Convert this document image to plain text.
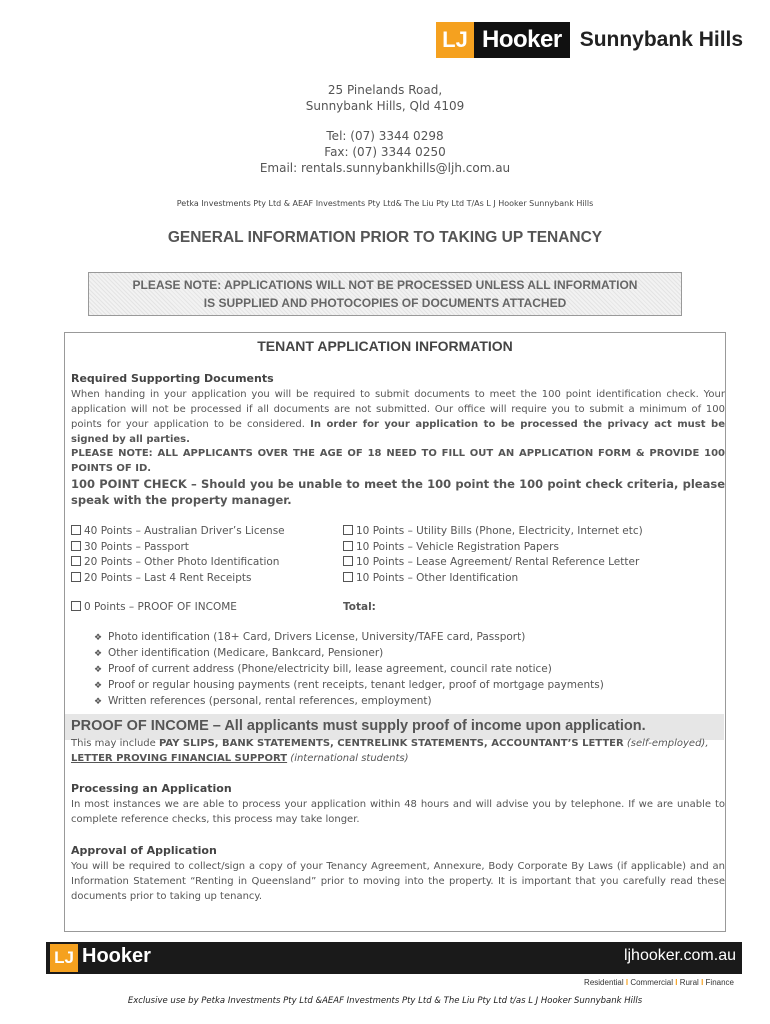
LJ Hooker Sunnybank Hills
25 Pinelands Road,
Sunnybank Hills, Qld 4109
Tel: (07) 3344 0298
Fax: (07) 3344 0250
Email: rentals.sunnybankhills@ljh.com.au
Petka Investments Pty Ltd & AEAF Investments Pty Ltd& The Liu Pty Ltd T/As L J Hooker Sunnybank Hills
GENERAL INFORMATION PRIOR TO TAKING UP TENANCY
PLEASE NOTE: APPLICATIONS WILL NOT BE PROCESSED UNLESS ALL INFORMATION
IS SUPPLIED AND PHOTOCOPIES OF DOCUMENTS ATTACHED
TENANT APPLICATION INFORMATION
Required Supporting Documents
When handing in your application you will be required to submit documents to meet the 100 point identification check. Your application will not be processed if all documents are not submitted. Our office will require you to submit a minimum of 100 points for your application to be considered. In order for your application to be processed the privacy act must be signed by all parties.
PLEASE NOTE: ALL APPLICANTS OVER THE AGE OF 18 NEED TO FILL OUT AN APPLICATION FORM & PROVIDE 100 POINTS OF ID.
100 POINT CHECK – Should you be unable to meet the 100 point the 100 point check criteria, please speak with the property manager.
40 Points – Australian Driver’s License
30 Points – Passport
20 Points – Other Photo Identification
20 Points – Last 4 Rent Receipts
10 Points – Utility Bills (Phone, Electricity, Internet etc)
10 Points – Vehicle Registration Papers
10 Points – Lease Agreement/ Rental Reference Letter
10 Points – Other Identification
0 Points – PROOF OF INCOME	Total:
❖ Photo identification (18+ Card, Drivers License, University/TAFE card, Passport)
❖ Other identification (Medicare, Bankcard, Pensioner)
❖ Proof of current address (Phone/electricity bill, lease agreement, council rate notice)
❖ Proof or regular housing payments (rent receipts, tenant ledger, proof of mortgage payments)
❖ Written references (personal, rental references, employment)
PROOF OF INCOME – All applicants must supply proof of income upon application.
This may include PAY SLIPS, BANK STATEMENTS, CENTRELINK STATEMENTS, ACCOUNTANT’S LETTER (self-employed),
LETTER PROVING FINANCIAL SUPPORT (international students)
Processing an Application
In most instances we are able to process your application within 48 hours and will advise you by telephone. If we are unable to complete reference checks, this process may take longer.
Approval of Application
You will be required to collect/sign a copy of your Tenancy Agreement, Annexure, Body Corporate By Laws (if applicable) and an Information Statement “Renting in Queensland” prior to moving into the property. It is important that you carefully read these documents prior to taking up tenancy.
LJ Hooker	ljhooker.com.au
Residential I Commercial I Rural I Finance
Exclusive use by Petka Investments Pty Ltd &AEAF Investments Pty Ltd & The Liu Pty Ltd t/as L J Hooker Sunnybank Hills
